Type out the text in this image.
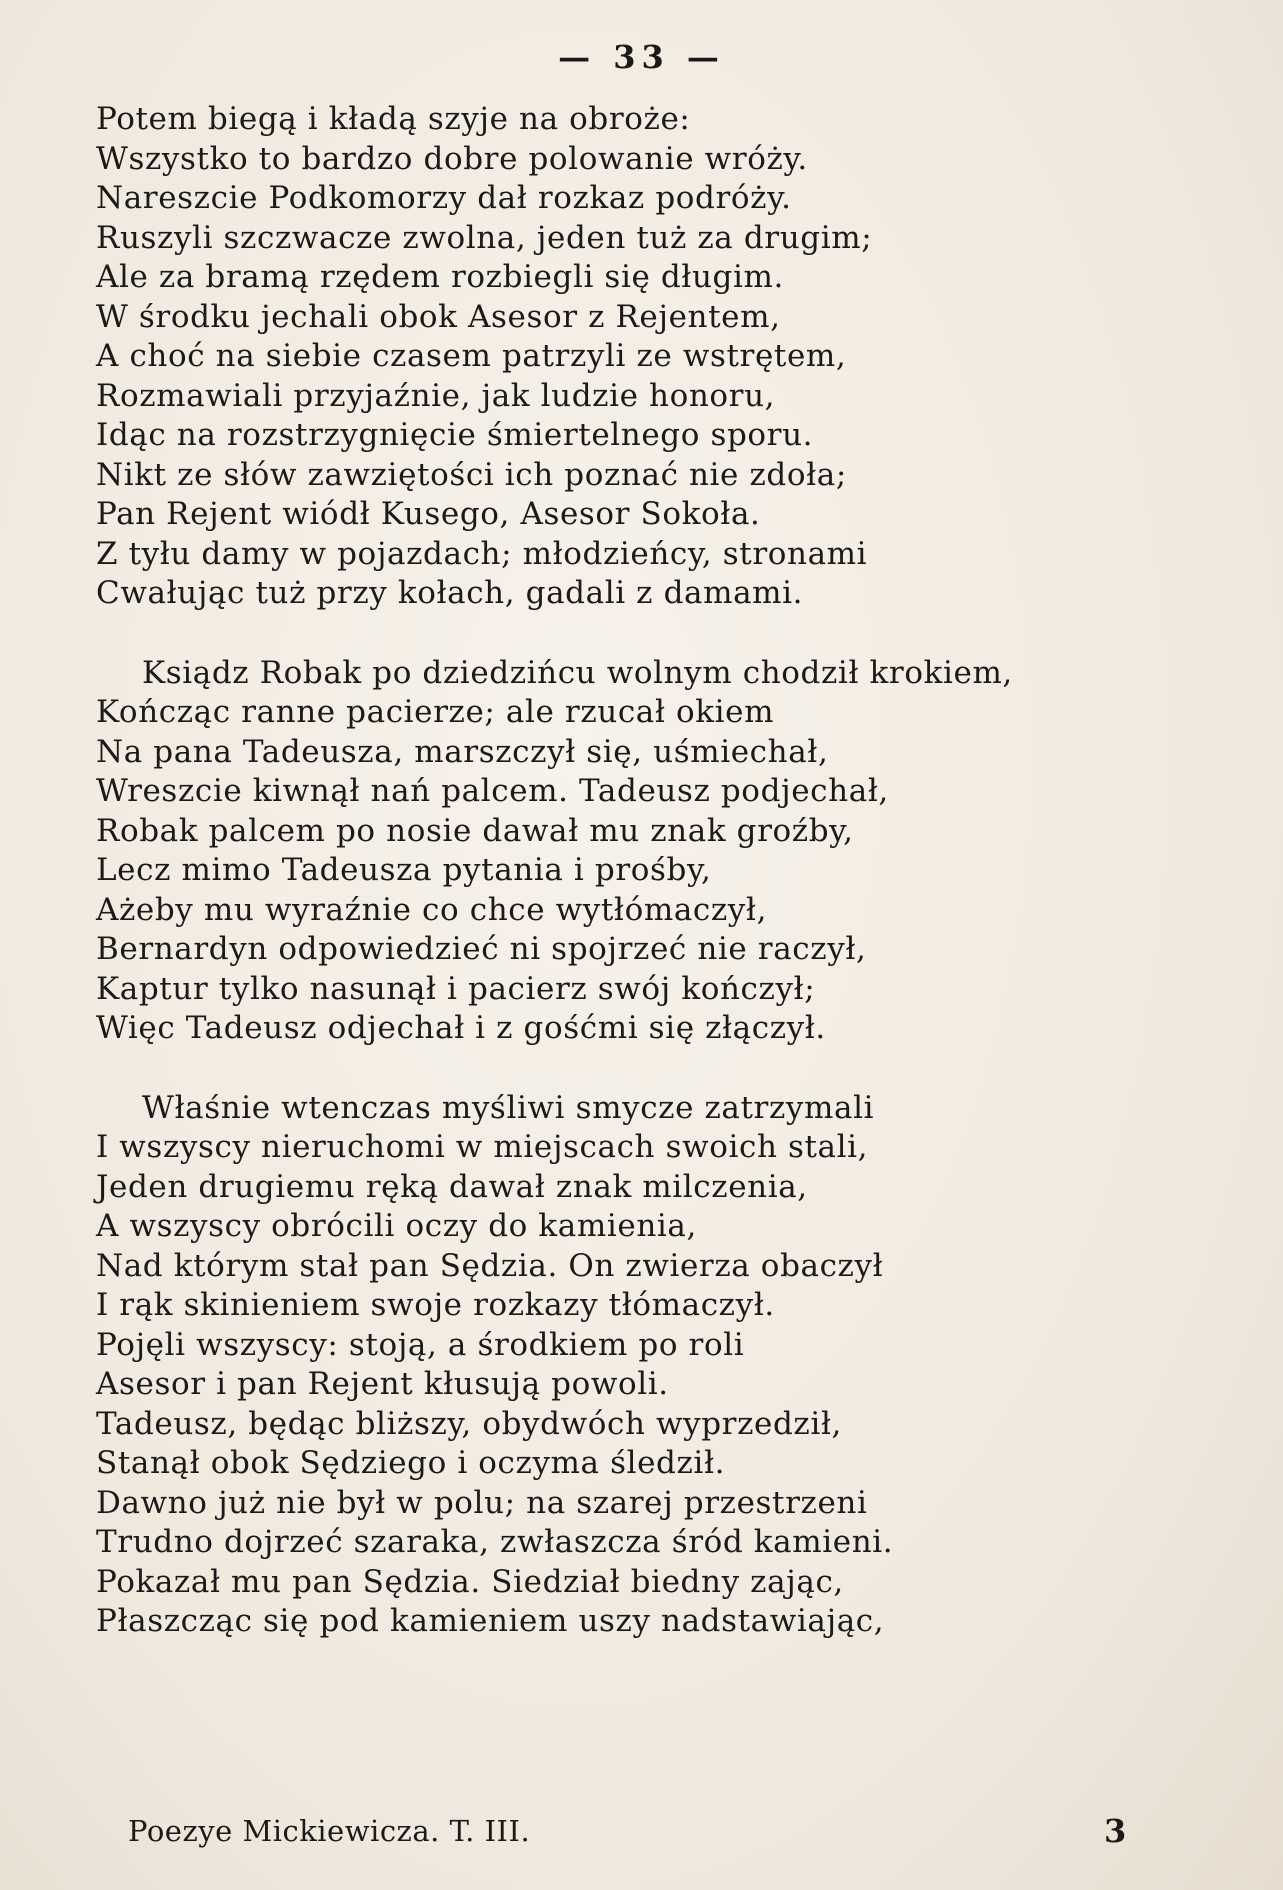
— 33 —

Potem biegą i kładą szyje na obroże:
Wszystko to bardzo dobre polowanie wróży.
Nareszcie Podkomorzy dał rozkaz podróży.
Ruszyli szczwacze zwolna, jeden tuż za drugim;
Ale za bramą rzędem rozbiegli się długim.
W środku jechali obok Asesor z Rejentem,
A choć na siebie czasem patrzyli ze wstrętem,
Rozmawiali przyjaźnie, jak ludzie honoru,
Idąc na rozstrzygnięcie śmiertelnego sporu.
Nikt ze słów zawziętości ich poznać nie zdoła;
Pan Rejent wiódł Kusego, Asesor Sokoła.
Z tyłu damy w pojazdach; młodzieńcy, stronami
Cwałując tuż przy kołach, gadali z damami.

Ksiądz Robak po dziedzińcu wolnym chodził krokiem,
Kończąc ranne pacierze; ale rzucał okiem
Na pana Tadeusza, marszczył się, uśmiechał,
Wreszcie kiwnął nań palcem. Tadeusz podjechał,
Robak palcem po nosie dawał mu znak groźby,
Lecz mimo Tadeusza pytania i prośby,
Ażeby mu wyraźnie co chce wytłómaczył,
Bernardyn odpowiedzieć ni spojrzeć nie raczył,
Kaptur tylko nasunął i pacierz swój kończył;
Więc Tadeusz odjechał i z gośćmi się złączył.

Właśnie wtenczas myśliwi smycze zatrzymali
I wszyscy nieruchomi w miejscach swoich stali,
Jeden drugiemu ręką dawał znak milczenia,
A wszyscy obrócili oczy do kamienia,
Nad którym stał pan Sędzia. On zwierza obaczył
I rąk skinieniem swoje rozkazy tłómaczył.
Pojęli wszyscy: stoją, a środkiem po roli
Asesor i pan Rejent kłusują powoli.
Tadeusz, będąc bliższy, obydwóch wyprzedził,
Stanął obok Sędziego i oczyma śledził.
Dawno już nie był w polu; na szarej przestrzeni
Trudno dojrzeć szaraka, zwłaszcza śród kamieni.
Pokazał mu pan Sędzia. Siedział biedny zając,
Płaszcząc się pod kamieniem uszy nadstawiając,

Poezye Mickiewicza. T. III.	3
